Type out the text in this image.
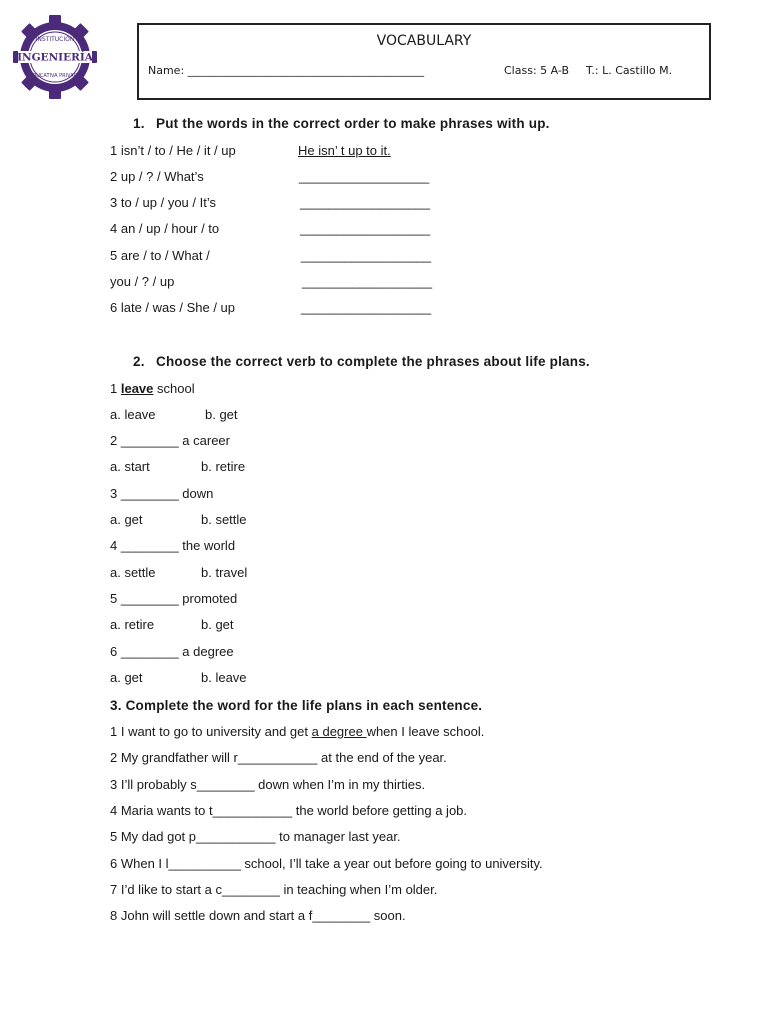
INSTITUCIÓN
INGENIERÍA
EDUCATIVA PRIVADA
VOCABULARY
Name: ___________________________________________	Class: 5 A-B T.: L. Castillo M.
1. Put the words in the correct order to make phrases with up.
1 isn’t / to / He / it / up	He isn’ t up to it.
2 up / ? / What’s	__________________
3 to / up / you / It’s	__________________
4 an / up / hour / to	__________________
5 are / to / What /	__________________
you / ? / up	__________________
6 late / was / She / up	__________________
2. Choose the correct verb to complete the phrases about life plans.
1 leave school
a. leave	b. get
2 ________ a career
a. start	b. retire
3 ________ down
a. get	b. settle
4 ________ the world
a. settle	b. travel
5 ________ promoted
a. retire	b. get
6 ________ a degree
a. get	b. leave
3. Complete the word for the life plans in each sentence.
1 I want to go to university and get a degree when I leave school.
2 My grandfather will r___________ at the end of the year.
3 I’ll probably s________ down when I’m in my thirties.
4 Maria wants to t___________ the world before getting a job.
5 My dad got p___________ to manager last year.
6 When I l__________ school, I’ll take a year out before going to university.
7 I’d like to start a c________ in teaching when I’m older.
8 John will settle down and start a f________ soon.
